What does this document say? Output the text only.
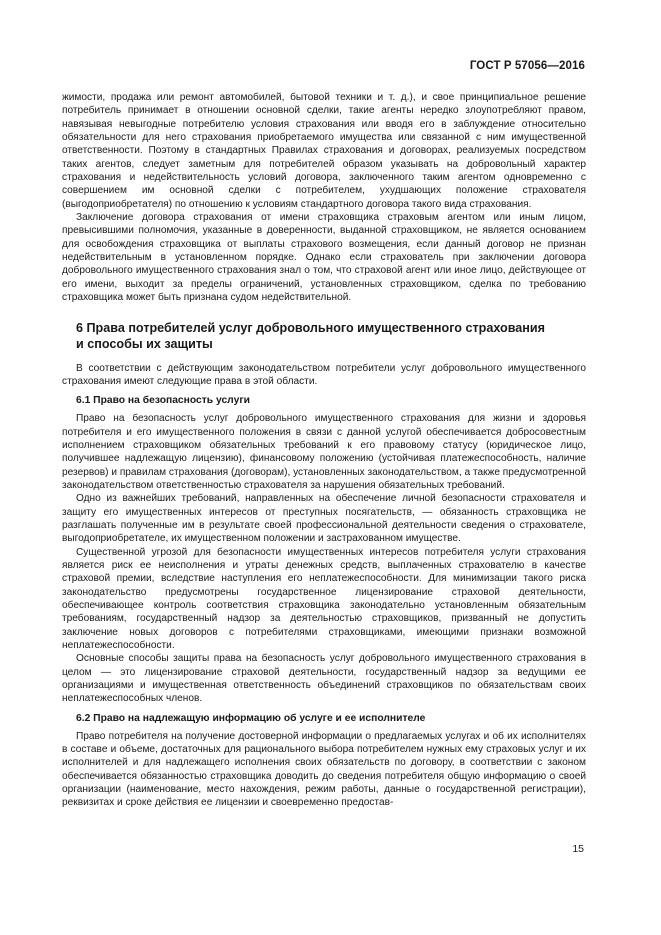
ГОСТ Р 57056—2016

жимости, продажа или ремонт автомобилей, бытовой техники и т. д.), и свое принципиальное решение потребитель принимает в отношении основной сделки, такие агенты нередко злоупотребляют правом, навязывая невыгодные потребителю условия страхования или вводя его в заблуждение относительно обязательности для него страхования приобретаемого имущества или связанной с ним имущественной ответственности. Поэтому в стандартных Правилах страхования и договорах, реализуемых посредством таких агентов, следует заметным для потребителей образом указывать на добровольный характер страхования и недействительность условий договора, заключенного таким агентом одновременно с совершением им основной сделки с потребителем, ухудшающих положение страхователя (выгодоприобретателя) по отношению к условиям стандартного договора такого вида страхования.

Заключение договора страхования от имени страховщика страховым агентом или иным лицом, превысившими полномочия, указанные в доверенности, выданной страховщиком, не является основанием для освобождения страховщика от выплаты страхового возмещения, если данный договор не признан недействительным в установленном порядке. Однако если страхователь при заключении договора добровольного имущественного страхования знал о том, что страховой агент или иное лицо, действующее от его имени, выходит за пределы ограничений, установленных страховщиком, сделка по требованию страховщика может быть признана судом недействительной.

6 Права потребителей услуг добровольного имущественного страхования
и способы их защиты

В соответствии с действующим законодательством потребители услуг добровольного имущественного страхования имеют следующие права в этой области.

6.1 Право на безопасность услуги

Право на безопасность услуг добровольного имущественного страхования для жизни и здоровья потребителя и его имущественного положения в связи с данной услугой обеспечивается добросовестным исполнением страховщиком обязательных требований к его правовому статусу (юридическое лицо, получившее надлежащую лицензию), финансовому положению (устойчивая платежеспособность, наличие резервов) и правилам страхования (договорам), установленных законодательством, а также предусмотренной законодательством ответственностью страхователя за нарушения обязательных требований.

Одно из важнейших требований, направленных на обеспечение личной безопасности страхователя и защиту его имущественных интересов от преступных посягательств, — обязанность страховщика не разглашать полученные им в результате своей профессиональной деятельности сведения о страхователе, выгодоприобретателе, их имущественном положении и застрахованном имуществе.

Существенной угрозой для безопасности имущественных интересов потребителя услуги страхования является риск ее неисполнения и утраты денежных средств, выплаченных страхователю в качестве страховой премии, вследствие наступления его неплатежеспособности. Для минимизации такого риска законодательство предусмотрены государственное лицензирование страховой деятельности, обеспечивающее контроль соответствия страховщика законодательно установленным обязательным требованиям, государственный надзор за деятельностью страховщиков, призванный не допустить заключение новых договоров с потребителями страховщиками, имеющими признаки возможной неплатежеспособности.

Основные способы защиты права на безопасность услуг добровольного имущественного страхования в целом — это лицензирование страховой деятельности, государственный надзор за ведущими ее организациями и имущественная ответственность объединений страховщиков по обязательствам своих неплатежеспособных членов.

6.2 Право на надлежащую информацию об услуге и ее исполнителе

Право потребителя на получение достоверной информации о предлагаемых услугах и об их исполнителях в составе и объеме, достаточных для рационального выбора потребителем нужных ему страховых услуг и их исполнителей и для надлежащего исполнения своих обязательств по договору, в соответствии с законом обеспечивается обязанностью страховщика доводить до сведения потребителя общую информацию о своей организации (наименование, место нахождения, режим работы, данные о государственной регистрации), реквизитах и сроке действия ее лицензии и своевременно предостав-

15
